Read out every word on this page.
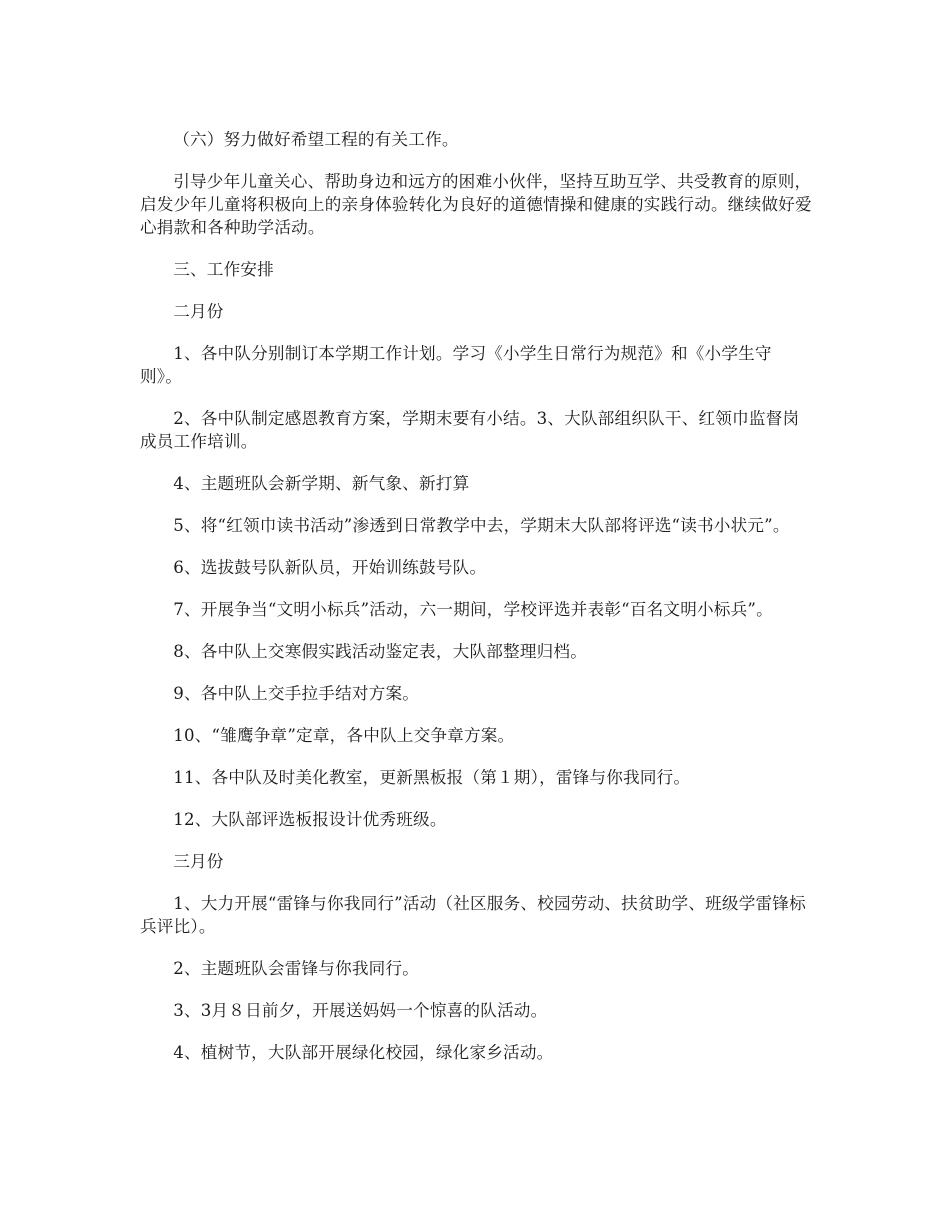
（六）努力做好希望工程的有关工作。

引导少年儿童关心、帮助身边和远方的困难小伙伴，坚持互助互学、共受教育的原则，启发少年儿童将积极向上的亲身体验转化为良好的道德情操和健康的实践行动。继续做好爱心捐款和各种助学活动。

三、工作安排

二月份

1、各中队分别制订本学期工作计划。学习《小学生日常行为规范》和《小学生守则》。

2、各中队制定感恩教育方案，学期末要有小结。3、大队部组织队干、红领巾监督岗成员工作培训。

4、主题班队会新学期、新气象、新打算

5、将“红领巾读书活动”渗透到日常教学中去，学期末大队部将评选“读书小状元”。

6、选拔鼓号队新队员，开始训练鼓号队。

7、开展争当“文明小标兵”活动，六一期间，学校评选并表彰“百名文明小标兵”。

8、各中队上交寒假实践活动鉴定表，大队部整理归档。

9、各中队上交手拉手结对方案。

10、“雏鹰争章”定章，各中队上交争章方案。

11、各中队及时美化教室，更新黑板报（第１期），雷锋与你我同行。

12、大队部评选板报设计优秀班级。

三月份

1、大力开展“雷锋与你我同行”活动（社区服务、校园劳动、扶贫助学、班级学雷锋标兵评比）。

2、主题班队会雷锋与你我同行。

3、3月８日前夕，开展送妈妈一个惊喜的队活动。

4、植树节，大队部开展绿化校园，绿化家乡活动。
